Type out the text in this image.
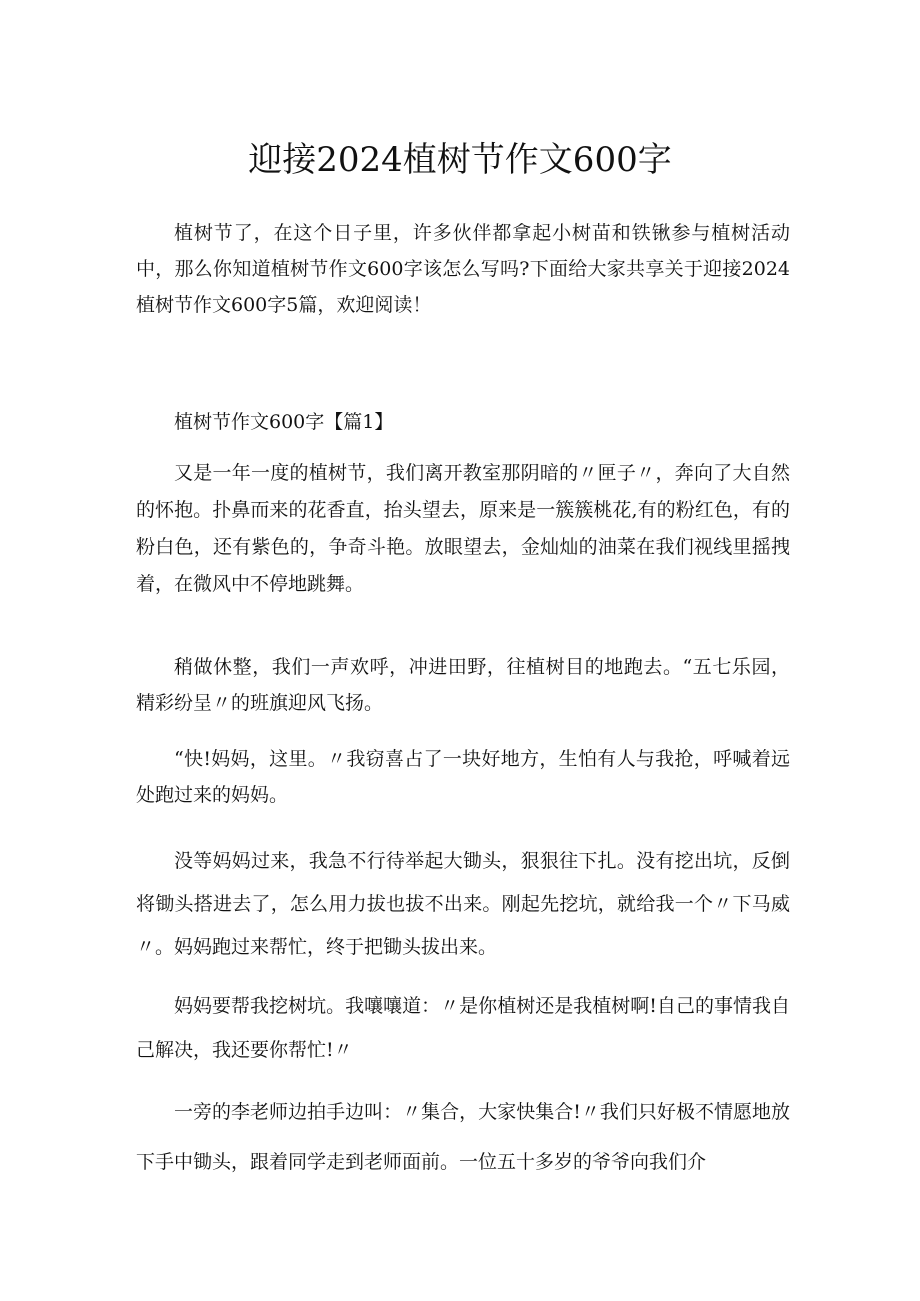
迎接2024植树节作文600字

植树节了，在这个日子里，许多伙伴都拿起小树苗和铁锹参与植树活动中，那么你知道植树节作文600字该怎么写吗?下面给大家共享关于迎接2024植树节作文600字5篇，欢迎阅读！

植树节作文600字【篇1】

又是一年一度的植树节，我们离开教室那阴暗的〃匣子〃，奔向了大自然的怀抱。扑鼻而来的花香直，抬头望去，原来是一簇簇桃花,有的粉红色，有的粉白色，还有紫色的，争奇斗艳。放眼望去，金灿灿的油菜在我们视线里摇拽着，在微风中不停地跳舞。

稍做休整，我们一声欢呼，冲进田野，往植树目的地跑去。“五七乐园，精彩纷呈〃的班旗迎风飞扬。

“快!妈妈，这里。〃我窃喜占了一块好地方，生怕有人与我抢，呼喊着远处跑过来的妈妈。

没等妈妈过来，我急不行待举起大锄头，狠狠往下扎。没有挖出坑，反倒将锄头搭进去了，怎么用力拔也拔不出来。刚起先挖坑，就给我一个〃下马威〃。妈妈跑过来帮忙，终于把锄头拔出来。

妈妈要帮我挖树坑。我嚷嚷道：〃是你植树还是我植树啊!自己的事情我自己解决，我还要你帮忙!〃

一旁的李老师边拍手边叫：〃集合，大家快集合!〃我们只好极不情愿地放下手中锄头，跟着同学走到老师面前。一位五十多岁的爷爷向我们介
